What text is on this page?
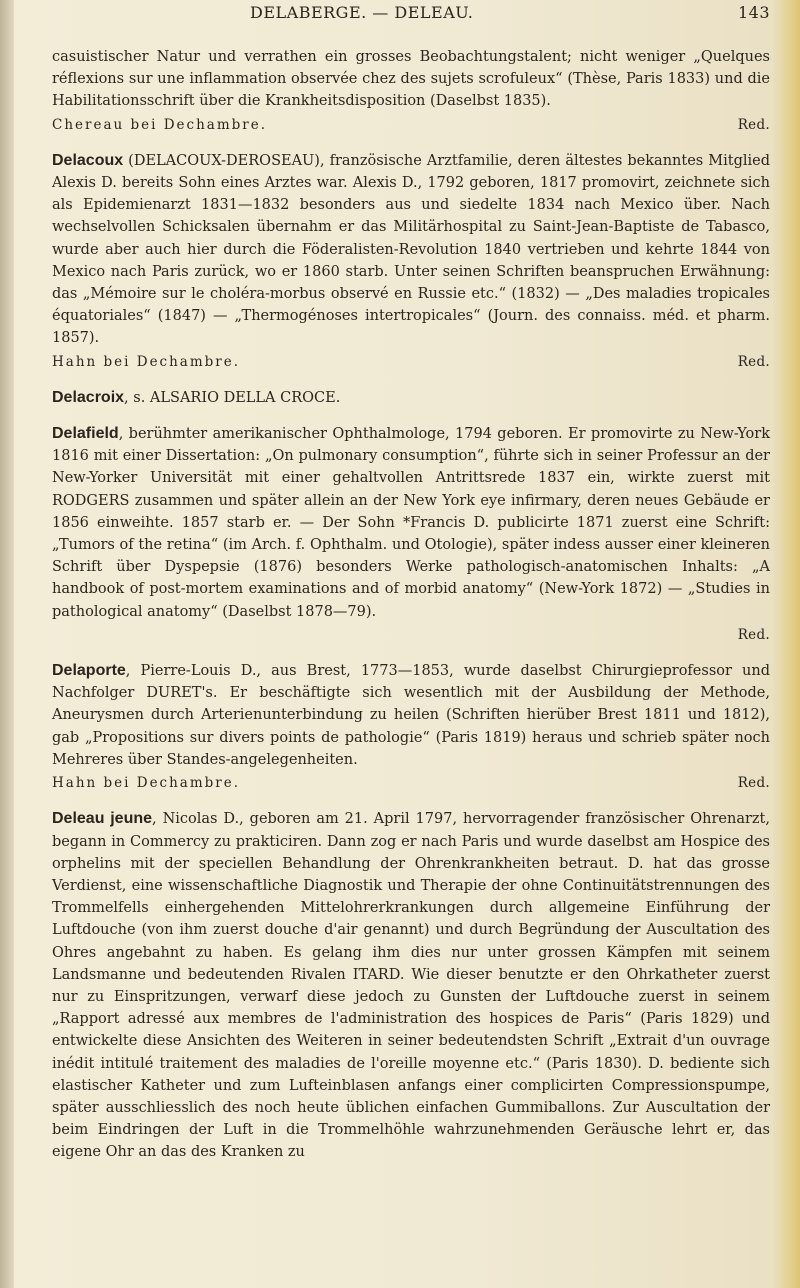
DELABERGE. — DELEAU.	143

casuistischer Natur und verrathen ein grosses Beobachtungstalent; nicht weniger „Quelques réflexions sur une inflammation observée chez des sujets scrofuleux“ (Thèse, Paris 1833) und die Habilitationsschrift über die Krankheitsdisposition (Daselbst 1835).

Chereau bei Dechambre.	Red.

Delacoux (DELACOUX-DEROSEAU), französische Arztfamilie, deren ältestes bekanntes Mitglied Alexis D. bereits Sohn eines Arztes war. Alexis D., 1792 geboren, 1817 promovirt, zeichnete sich als Epidemienarzt 1831—1832 besonders aus und siedelte 1834 nach Mexico über. Nach wechselvollen Schicksalen übernahm er das Militärhospital zu Saint-Jean-Baptiste de Tabasco, wurde aber auch hier durch die Föderalisten-Revolution 1840 vertrieben und kehrte 1844 von Mexico nach Paris zurück, wo er 1860 starb. Unter seinen Schriften beanspruchen Erwähnung: das „Mémoire sur le choléra-morbus observé en Russie etc.“ (1832) — „Des maladies tropicales équatoriales“ (1847) — „Thermogénoses intertropicales“ (Journ. des connaiss. méd. et pharm. 1857).

Hahn bei Dechambre.	Red.

Delacroix, s. ALSARIO DELLA CROCE.

Delafield, berühmter amerikanischer Ophthalmologe, 1794 geboren. Er promovirte zu New-York 1816 mit einer Dissertation: „On pulmonary consumption“, führte sich in seiner Professur an der New-Yorker Universität mit einer gehaltvollen Antrittsrede 1837 ein, wirkte zuerst mit RODGERS zusammen und später allein an der New York eye infirmary, deren neues Gebäude er 1856 einweihte. 1857 starb er. — Der Sohn *Francis D. publicirte 1871 zuerst eine Schrift: „Tumors of the retina“ (im Arch. f. Ophthalm. und Otologie), später indess ausser einer kleineren Schrift über Dyspepsie (1876) besonders Werke pathologisch-anatomischen Inhalts: „A handbook of post-mortem examinations and of morbid anatomy“ (New-York 1872) — „Studies in pathological anatomy“ (Daselbst 1878—79).

Red.

Delaporte, Pierre-Louis D., aus Brest, 1773—1853, wurde daselbst Chirurgieprofessor und Nachfolger DURET's. Er beschäftigte sich wesentlich mit der Ausbildung der Methode, Aneurysmen durch Arterienunterbindung zu heilen (Schriften hierüber Brest 1811 und 1812), gab „Propositions sur divers points de pathologie“ (Paris 1819) heraus und schrieb später noch Mehreres über Standes-angelegenheiten.

Hahn bei Dechambre.	Red.

Deleau jeune, Nicolas D., geboren am 21. April 1797, hervorragender französischer Ohrenarzt, begann in Commercy zu prakticiren. Dann zog er nach Paris und wurde daselbst am Hospice des orphelins mit der speciellen Behandlung der Ohrenkrankheiten betraut. D. hat das grosse Verdienst, eine wissenschaftliche Diagnostik und Therapie der ohne Continuitätstrennungen des Trommelfells einhergehenden Mittelohrerkrankungen durch allgemeine Einführung der Luftdouche (von ihm zuerst douche d'air genannt) und durch Begründung der Auscultation des Ohres angebahnt zu haben. Es gelang ihm dies nur unter grossen Kämpfen mit seinem Landsmanne und bedeutenden Rivalen ITARD. Wie dieser benutzte er den Ohrkatheter zuerst nur zu Einspritzungen, verwarf diese jedoch zu Gunsten der Luftdouche zuerst in seinem „Rapport adressé aux membres de l'administration des hospices de Paris“ (Paris 1829) und entwickelte diese Ansichten des Weiteren in seiner bedeutendsten Schrift „Extrait d'un ouvrage inédit intitulé traitement des maladies de l'oreille moyenne etc.“ (Paris 1830). D. bediente sich elastischer Katheter und zum Lufteinblasen anfangs einer complicirten Compressionspumpe, später ausschliesslich des noch heute üblichen einfachen Gummiballons. Zur Auscultation der beim Eindringen der Luft in die Trommelhöhle wahrzunehmenden Geräusche lehrt er, das eigene Ohr an das des Kranken zu
